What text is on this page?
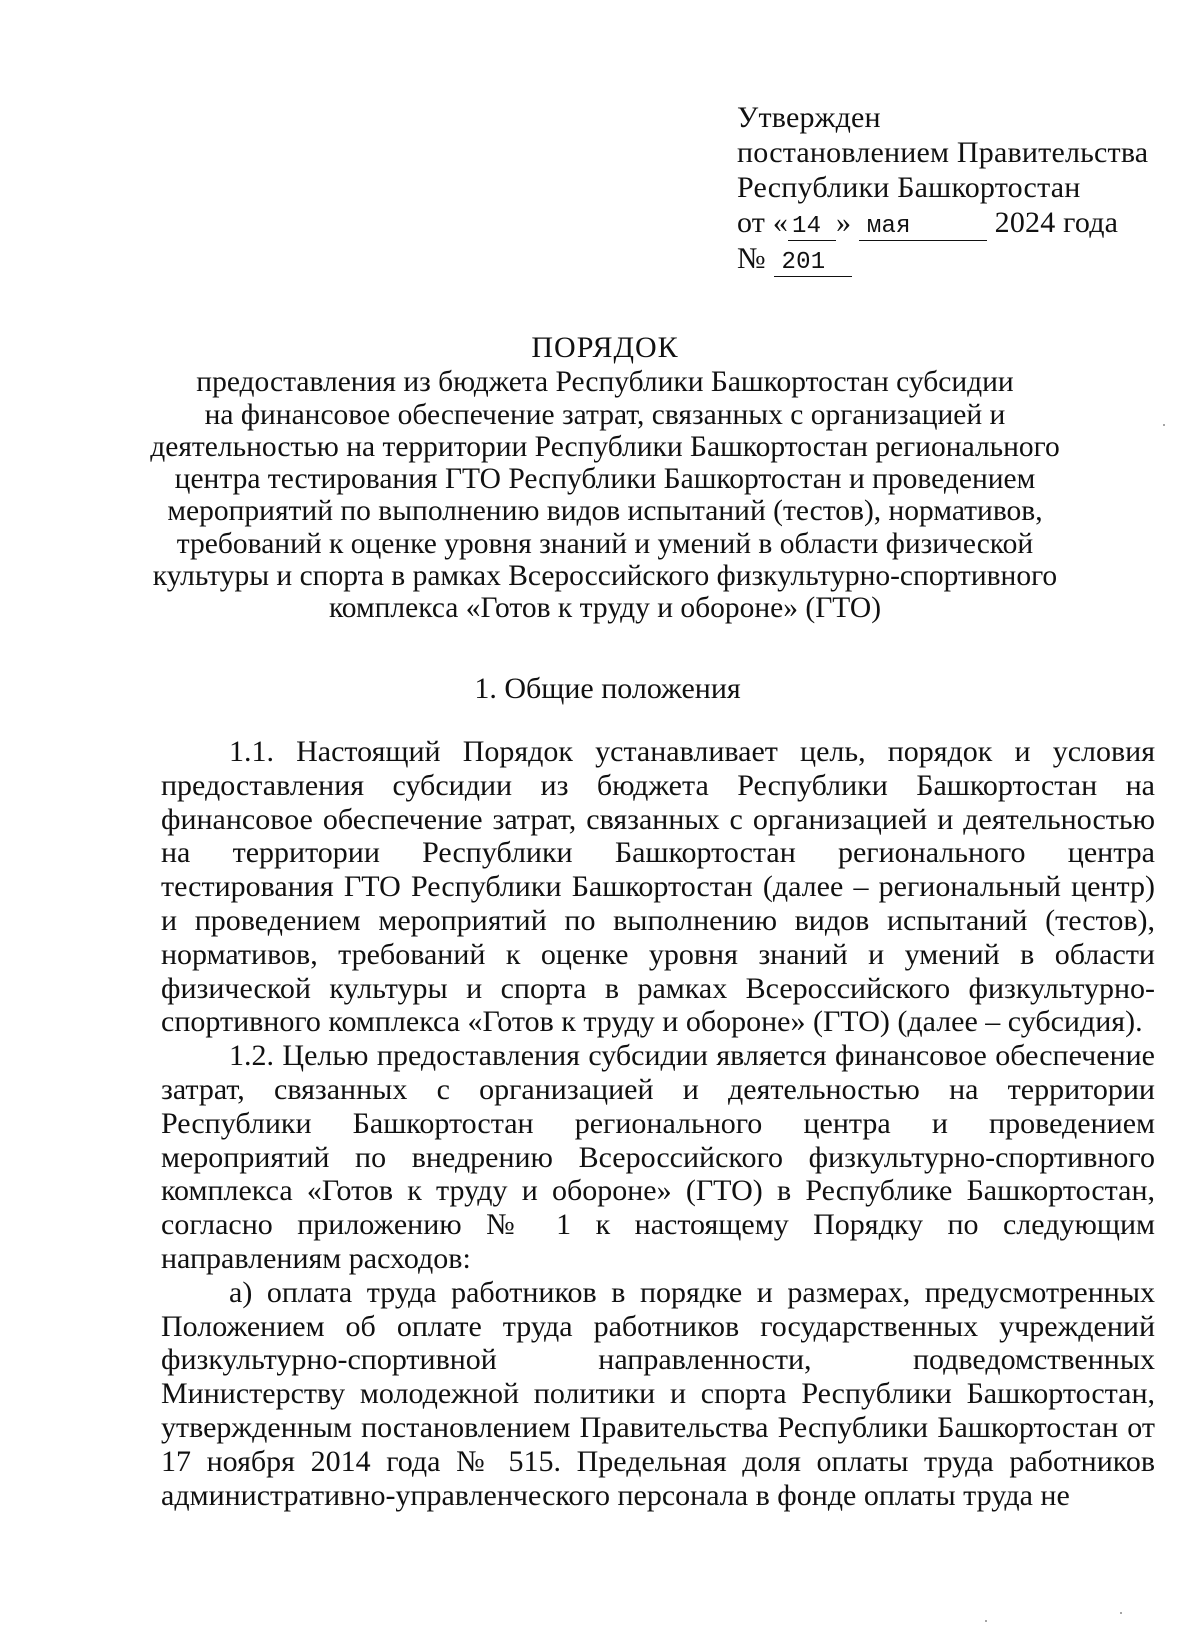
Утвержден
постановлением Правительства
Республики Башкортостан
от « 14 » мая	2024 года
№ 201
ПОРЯДОК
предоставления из бюджета Республики Башкортостан субсидии
на финансовое обеспечение затрат, связанных с организацией и
деятельностью на территории Республики Башкортостан регионального
центра тестирования ГТО Республики Башкортостан и проведением
мероприятий по выполнению видов испытаний (тестов), нормативов,
требований к оценке уровня знаний и умений в области физической
культуры и спорта в рамках Всероссийского физкультурно-спортивного
комплекса «Готов к труду и обороне» (ГТО)
1. Общие положения

1.1. Настоящий Порядок устанавливает цель, порядок и условия предоставления субсидии из бюджета Республики Башкортостан на финансовое обеспечение затрат, связанных с организацией и деятельностью на территории Республики Башкортостан регионального центра тестирования ГТО Республики Башкортостан (далее – региональный центр) и проведением мероприятий по выполнению видов испытаний (тестов), нормативов, требований к оценке уровня знаний и умений в области физической культуры и спорта в рамках Всероссийского физкультурно-спортивного комплекса «Готов к труду и обороне» (ГТО) (далее – субсидия).

1.2. Целью предоставления субсидии является финансовое обеспечение затрат, связанных с организацией и деятельностью на территории Республики Башкортостан регионального центра и проведением мероприятий по внедрению Всероссийского физкультурно-спортивного комплекса «Готов к труду и обороне» (ГТО) в Республике Башкортостан, согласно приложению № 1 к настоящему Порядку по следующим направлениям расходов:

а) оплата труда работников в порядке и размерах, предусмотренных Положением об оплате труда работников государственных учреждений физкультурно-спортивной направленности, подведомственных Министерству молодежной политики и спорта Республики Башкортостан, утвержденным постановлением Правительства Республики Башкортостан от 17 ноября 2014 года № 515. Предельная доля оплаты труда работников административно-управленческого персонала в фонде оплаты труда не
